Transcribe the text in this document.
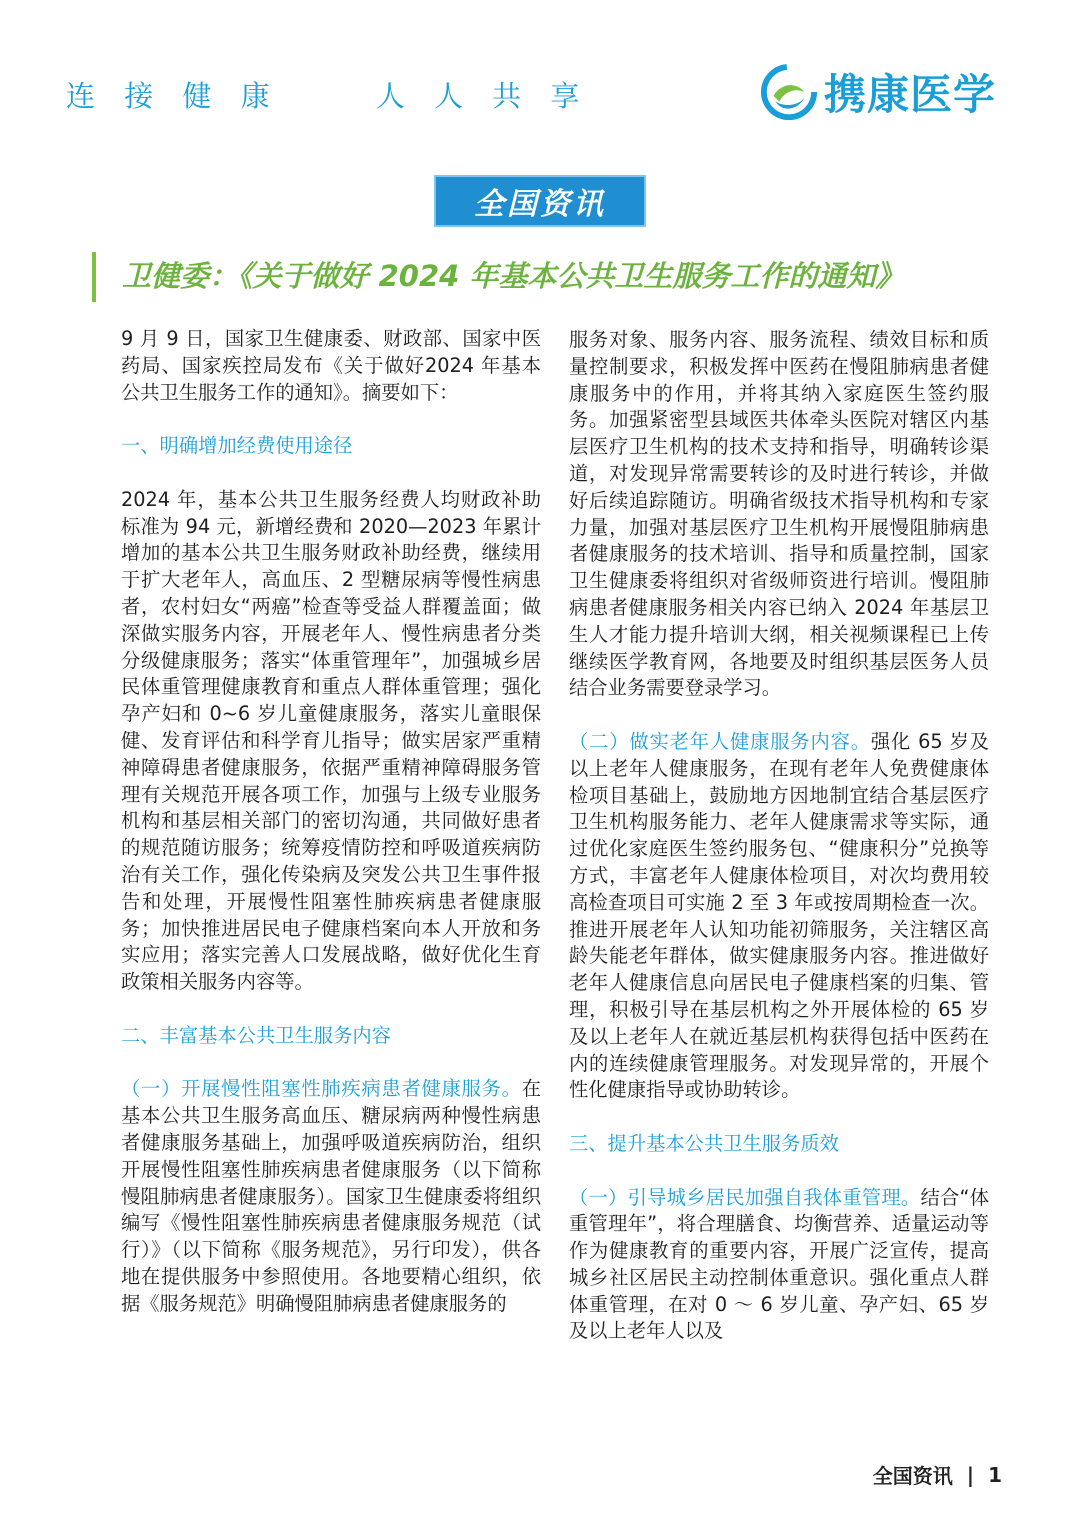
连 接 健 康     人 人 共 享	携康医学
全国资讯
卫健委：《关于做好 2024 年基本公共卫生服务工作的通知》

9 月 9 日，国家卫生健康委、财政部、国家中医药局、国家疾控局发布《关于做好2024 年基本公共卫生服务工作的通知》。摘要如下：

一、明确增加经费使用途径

2024 年，基本公共卫生服务经费人均财政补助标准为 94 元，新增经费和 2020—2023 年累计增加的基本公共卫生服务财政补助经费，继续用于扩大老年人，高血压、2 型糖尿病等慢性病患者，农村妇女“两癌”检查等受益人群覆盖面；做深做实服务内容，开展老年人、慢性病患者分类分级健康服务；落实“体重管理年”，加强城乡居民体重管理健康教育和重点人群体重管理；强化孕产妇和 0~6 岁儿童健康服务，落实儿童眼保健、发育评估和科学育儿指导；做实居家严重精神障碍患者健康服务，依据严重精神障碍服务管理有关规范开展各项工作，加强与上级专业服务机构和基层相关部门的密切沟通，共同做好患者的规范随访服务；统筹疫情防控和呼吸道疾病防治有关工作，强化传染病及突发公共卫生事件报告和处理，开展慢性阻塞性肺疾病患者健康服务；加快推进居民电子健康档案向本人开放和务实应用；落实完善人口发展战略，做好优化生育政策相关服务内容等。

二、丰富基本公共卫生服务内容

（一）开展慢性阻塞性肺疾病患者健康服务。在基本公共卫生服务高血压、糖尿病两种慢性病患者健康服务基础上，加强呼吸道疾病防治，组织开展慢性阻塞性肺疾病患者健康服务（以下简称慢阻肺病患者健康服务）。国家卫生健康委将组织编写《慢性阻塞性肺疾病患者健康服务规范（试行）》（以下简称《服务规范》，另行印发），供各地在提供服务中参照使用。各地要精心组织，依据《服务规范》明确慢阻肺病患者健康服务的

服务对象、服务内容、服务流程、绩效目标和质量控制要求，积极发挥中医药在慢阻肺病患者健康服务中的作用，并将其纳入家庭医生签约服务。加强紧密型县域医共体牵头医院对辖区内基层医疗卫生机构的技术支持和指导，明确转诊渠道，对发现异常需要转诊的及时进行转诊，并做好后续追踪随访。明确省级技术指导机构和专家力量，加强对基层医疗卫生机构开展慢阻肺病患者健康服务的技术培训、指导和质量控制，国家卫生健康委将组织对省级师资进行培训。慢阻肺病患者健康服务相关内容已纳入 2024 年基层卫生人才能力提升培训大纲，相关视频课程已上传继续医学教育网，各地要及时组织基层医务人员结合业务需要登录学习。

（二）做实老年人健康服务内容。强化 65 岁及以上老年人健康服务，在现有老年人免费健康体检项目基础上，鼓励地方因地制宜结合基层医疗卫生机构服务能力、老年人健康需求等实际，通过优化家庭医生签约服务包、“健康积分”兑换等方式，丰富老年人健康体检项目，对次均费用较高检查项目可实施 2 至 3 年或按周期检查一次。推进开展老年人认知功能初筛服务，关注辖区高龄失能老年群体，做实健康服务内容。推进做好老年人健康信息向居民电子健康档案的归集、管理，积极引导在基层机构之外开展体检的 65 岁及以上老年人在就近基层机构获得包括中医药在内的连续健康管理服务。对发现异常的，开展个性化健康指导或协助转诊。

三、提升基本公共卫生服务质效

（一）引导城乡居民加强自我体重管理。结合“体重管理年”，将合理膳食、均衡营养、适量运动等作为健康教育的重要内容，开展广泛宣传，提高城乡社区居民主动控制体重意识。强化重点人群体重管理，在对 0 ～ 6 岁儿童、孕产妇、65 岁及以上老年人以及

全国资讯 | 1
